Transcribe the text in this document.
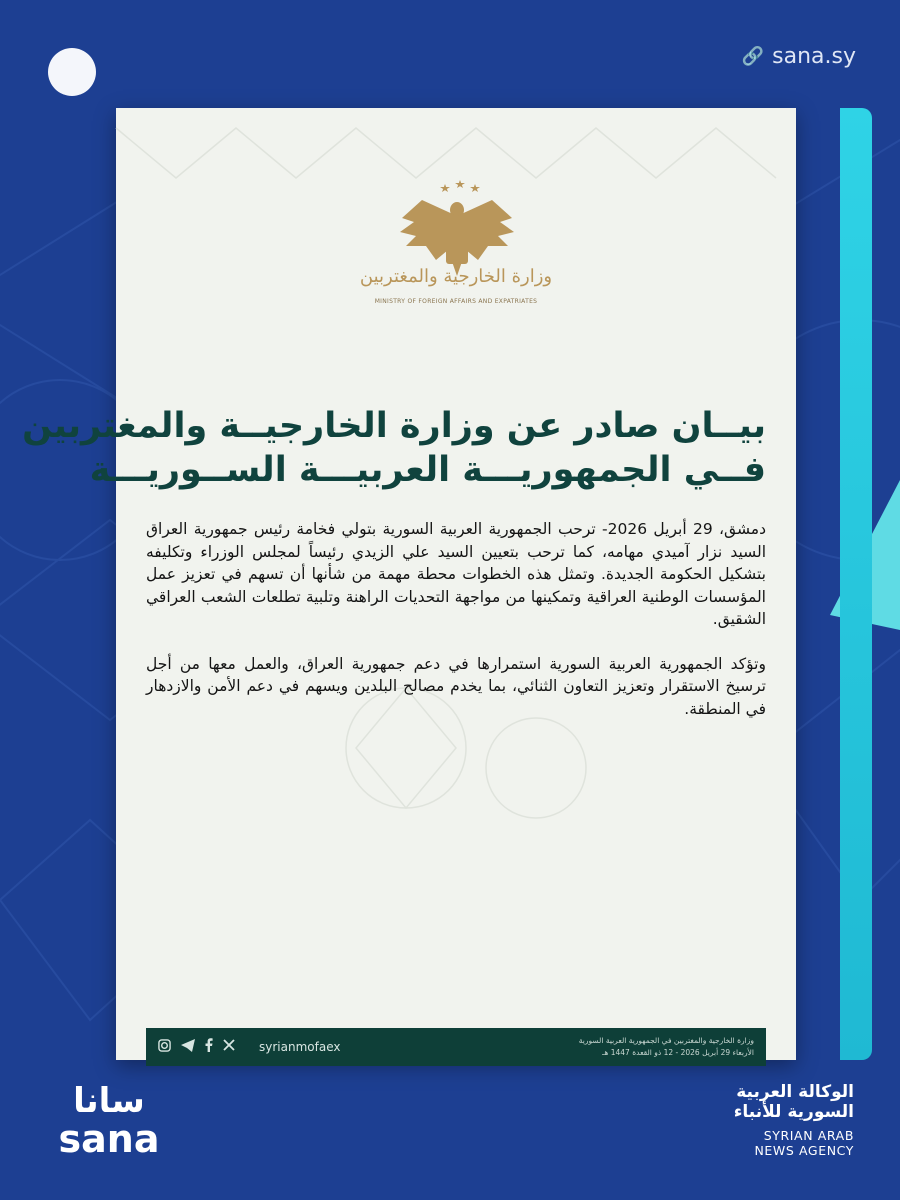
🔗 sana.sy
وزارة الخارجية والمغتربين
MINISTRY OF FOREIGN AFFAIRS AND EXPATRIATES
بيــان صادر عن وزارة الخارجيــة والمغتربين
فــي الجمهوريـــة العربيـــة الســوريـــة

دمشق، 29 أبريل 2026- ترحب الجمهورية العربية السورية بتولي فخامة رئيس جمهورية العراق السيد نزار آميدي مهامه، كما ترحب بتعيين السيد علي الزيدي رئيساً لمجلس الوزراء وتكليفه بتشكيل الحكومة الجديدة. وتمثل هذه الخطوات محطة مهمة من شأنها أن تسهم في تعزيز عمل المؤسسات الوطنية العراقية وتمكينها من مواجهة التحديات الراهنة وتلبية تطلعات الشعب العراقي الشقيق.

وتؤكد الجمهورية العربية السورية استمرارها في دعم جمهورية العراق، والعمل معها من أجل ترسيخ الاستقرار وتعزيز التعاون الثنائي، بما يخدم مصالح البلدين ويسهم في دعم الأمن والازدهار في المنطقة.

syrianmofaex	وزارة الخارجية والمغتربين في الجمهورية العربية السورية
الأربعاء 29 أبريل 2026 - 12 ذو القعدة 1447 هـ
سانا
sana
الوكالة العربية
السورية للأنباء
SYRIAN ARAB
NEWS AGENCY
